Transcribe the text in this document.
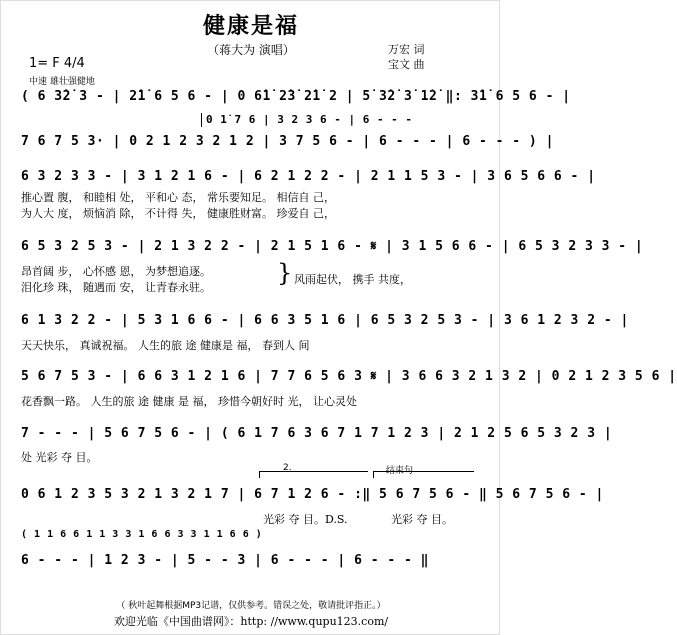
健康是福
（蒋大为 演唱）	万宏 词
宝文 曲
1= F 4/4
中速 雄壮强健地
( 6 3̇2̇ 3 - | 2̇1̇ 6 5 6 - | 0 6̇1̇ 2̇3̇ 2̇1̇ 2 | 5̇ 3̇2̇ 3̇ 1̇2̇ ‖: 3̇1̇ 6 5 6 - |
0 1̇ 7 6 | 3 2 3 6 - | 6 - - -
7 6 7 5 3· | 0 2 1 2 3 2 1 2 | 3 7 5 6 - | 6 - - - | 6 - - - ) |
6 3 2 3 3 - | 3 1 2 1 6 - | 6 2 1 2 2 - | 2 1 1 5 3 - | 3 6 5 6 6 - |
推心置 腹， 和睦相 处， 平和心 态， 常乐要知足。 相信自 己，
为人大 度， 烦恼消 除， 不计得 失， 健康胜财富。 珍爱自 己，
6 5 3 2 5 3 - | 2 1 3 2 2 - | 2 1 5 1 6 - 𝄋 | 3 1 5 6 6 - | 6 5 3 2 3 3 - |
昂首阔 步， 心怀感 恩， 为梦想追逐。
泪化珍 珠， 随遇而 安， 让青春永驻。
} 风雨起伏， 携手 共度，
6 1 3 2 2 - | 5 3 1 6 6 - | 6 6 3 5 1 6 | 6 5 3 2 5 3 - | 3 6 1 2 3 2 - |
天天快乐， 真诚祝福。 人生的旅 途 健康是 福， 春到人 间
5 6 7 5 3 - | 6 6 3 1 2 1 6 | 7 7 6 5 6 3 𝄋 | 3 6 6 3 2 1 3 2 | 0 2 1 2 3 5 6 |
花香飘一路。 人生的旅 途 健康 是 福， 珍惜今朝好时 光， 让心灵处
7 - - - | 5 6 7 5 6 - | ( 6 1 7 6 3 6 7 1 7 1 2 3 | 2 1 2 5 6 5 3 2 3 |
处 光彩 夺 目。
2.	结束句
0 6 1 2 3 5 3 2 1 3 2 1 7 | 6 7 1 2 6 - :‖ 5 6 7 5 6 - ‖ 5 6 7 5 6 - |
光彩 夺 目。D.S.	光彩 夺 目。
( 1 1 6 6 1 1 3 3 1 6 6 3 3 1 1 6 6 )
6 - - - | 1 2 3 - | 5 - - 3 | 6 - - - | 6 - - - ‖
（ 秋叶起舞根据MP3记谱，仅供参考。错误之处，敬请批评指正。）
欢迎光临《中国曲谱网》：http: //www.qupu123.com/
